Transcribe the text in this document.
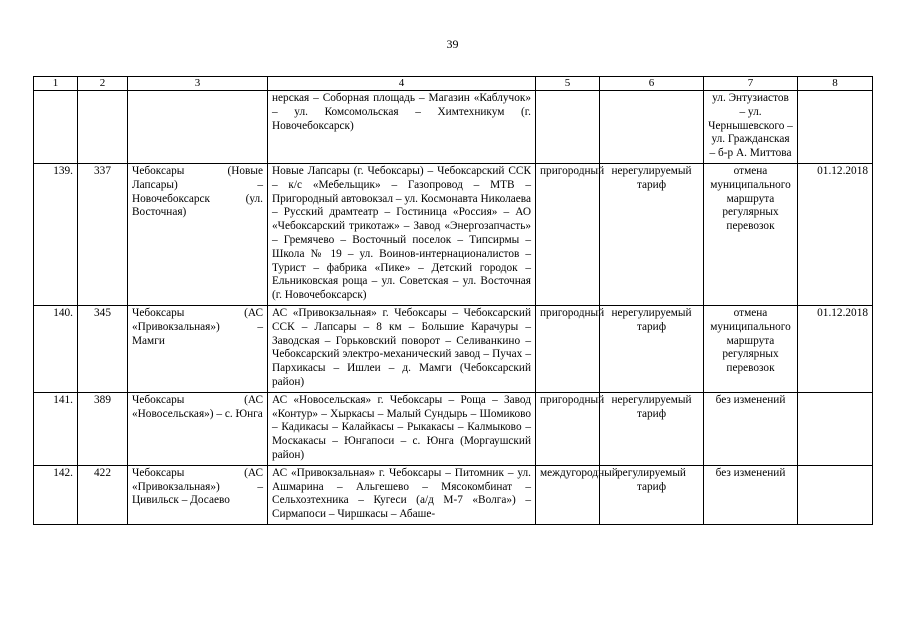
39
1	2	3	4	5	6	7	8
			нерская – Соборная площадь – Магазин «Каблучок» – ул. Комсомольская – Химтехникум (г. Новочебоксарск)			ул. Энтузиастов – ул. Чернышевского – ул. Гражданская – б-р А. Миттова	
139.	337	Чебоксары (Новые Лапсары) – Новочебоксарск (ул. Восточная)	Новые Лапсары (г. Чебоксары) – Чебоксарский ССК – к/с «Мебельщик» – Газопровод – МТВ – Пригородный автовокзал – ул. Космонавта Николаева – Русский драмтеатр – Гостиница «Россия» – АО «Чебоксарский трикотаж» – Завод «Энергозапчасть» – Гремячево – Восточный поселок – Типсирмы – Школа № 19 – ул. Воинов-интернационалистов – Турист – фабрика «Пике» – Детский городок – Ельниковская роща – ул. Советская – ул. Восточная (г. Новочебоксарск)	пригородный	нерегулируемый тариф	отмена муниципального маршрута регулярных перевозок	01.12.2018
140.	345	Чебоксары (АС «Привокзальная») – Мамги	АС «Привокзальная» г. Чебоксары – Чебоксарский ССК – Лапсары – 8 км – Большие Карачуры – Заводская – Горьковский поворот – Селиванкино – Чебоксарский электро-механический завод – Пучах – Пархикасы – Ишлеи – д. Мамги (Чебоксарский район)	пригородный	нерегулируемый тариф	отмена муниципального маршрута регулярных перевозок	01.12.2018
141.	389	Чебоксары (АС «Новосельская») – с. Юнга	АС «Новосельская» г. Чебоксары – Роща – Завод «Контур» – Хыркасы – Малый Сундырь – Шомиково – Кадикасы – Калайкасы – Рыкакасы – Калмыково – Москакасы – Юнгапоси – с. Юнга (Моргаушский район)	пригородный	нерегулируемый тариф	без изменений	
142.	422	Чебоксары (АС «Привокзальная») – Цивильск – Досаево	АС «Привокзальная» г. Чебоксары – Питомник – ул. Ашмарина – Альгешево – Мясокомбинат – Сельхозтехника – Кугеси (а/д М-7 «Волга») – Сирмапоси – Чиршкасы – Абаше-	междугородный	регулируемый тариф	без изменений	
